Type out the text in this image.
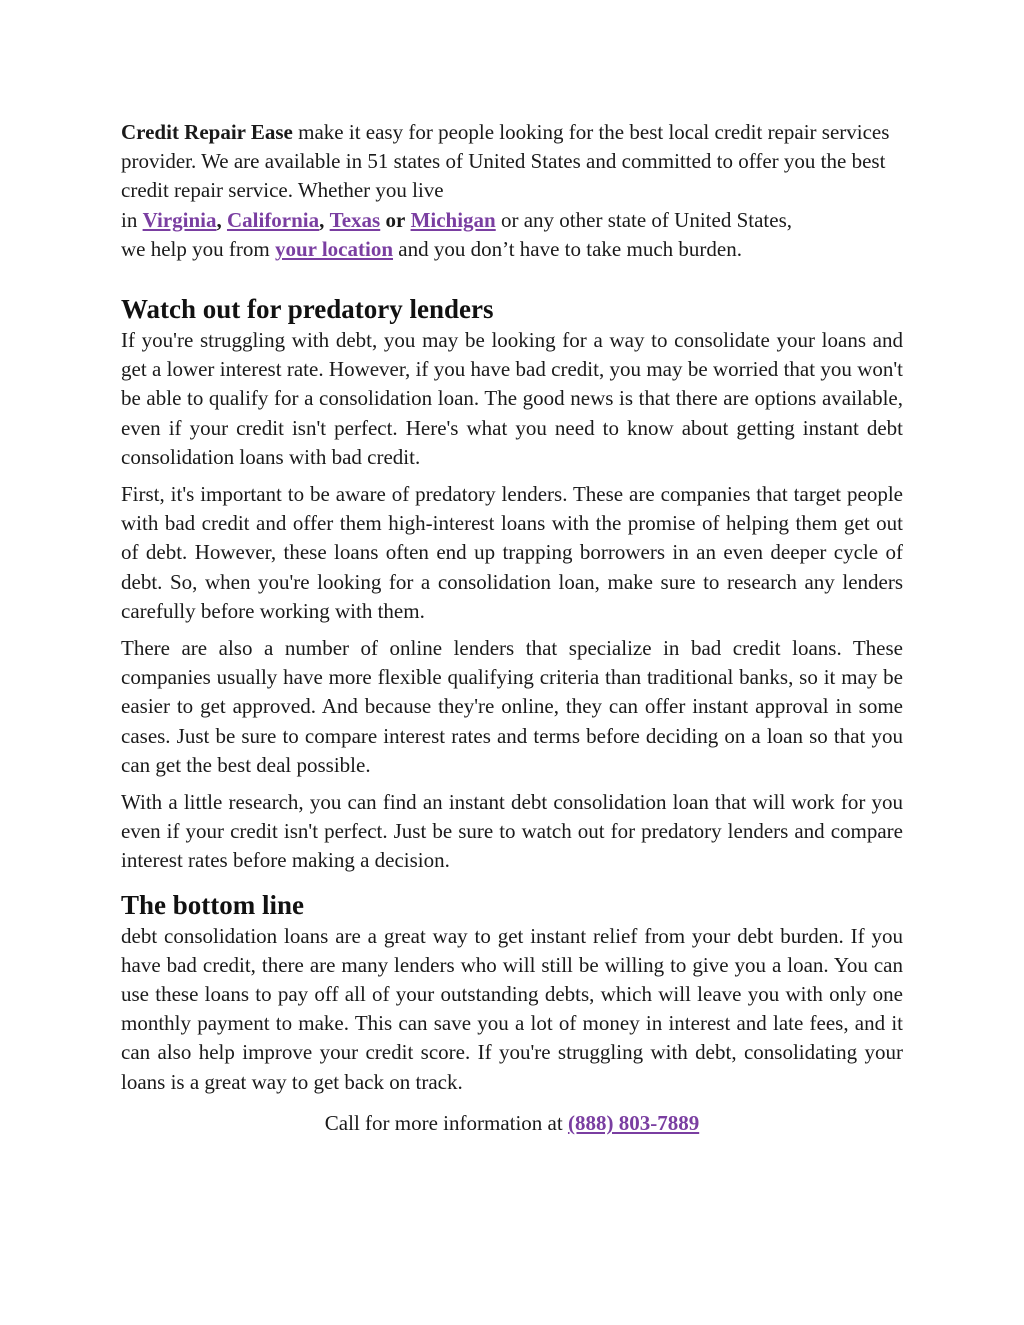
Credit Repair Ease make it easy for people looking for the best local credit repair services provider. We are available in 51 states of United States and committed to offer you the best credit repair service. Whether you live
in Virginia, California, Texas or Michigan or any other state of United States,
we help you from your location and you don’t have to take much burden.

Watch out for predatory lenders

If you're struggling with debt, you may be looking for a way to consolidate your loans and get a lower interest rate. However, if you have bad credit, you may be worried that you won't be able to qualify for a consolidation loan. The good news is that there are options available, even if your credit isn't perfect. Here's what you need to know about getting instant debt consolidation loans with bad credit.

First, it's important to be aware of predatory lenders. These are companies that target people with bad credit and offer them high-interest loans with the promise of helping them get out of debt. However, these loans often end up trapping borrowers in an even deeper cycle of debt. So, when you're looking for a consolidation loan, make sure to research any lenders carefully before working with them.

There are also a number of online lenders that specialize in bad credit loans. These companies usually have more flexible qualifying criteria than traditional banks, so it may be easier to get approved. And because they're online, they can offer instant approval in some cases. Just be sure to compare interest rates and terms before deciding on a loan so that you can get the best deal possible.

With a little research, you can find an instant debt consolidation loan that will work for you even if your credit isn't perfect. Just be sure to watch out for predatory lenders and compare interest rates before making a decision.

The bottom line

debt consolidation loans are a great way to get instant relief from your debt burden. If you have bad credit, there are many lenders who will still be willing to give you a loan. You can use these loans to pay off all of your outstanding debts, which will leave you with only one monthly payment to make. This can save you a lot of money in interest and late fees, and it can also help improve your credit score. If you're struggling with debt, consolidating your loans is a great way to get back on track.

Call for more information at (888) 803-7889
